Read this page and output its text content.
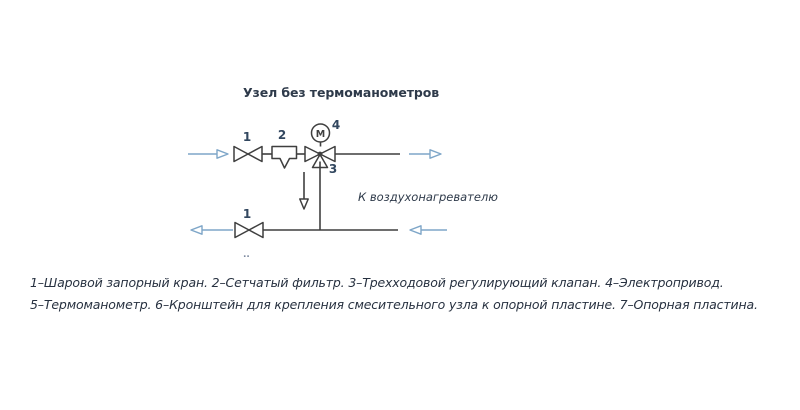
Узел без термоманометров
М
1 2
4
3
1
К воздухонагревателю
..
1–Шаровой запорный кран. 2–Сетчатый фильтр. 3–Трехходовой регулирующий клапан. 4–Электропривод.
5–Термоманометр. 6–Кронштейн для крепления смесительного узла к опорной пластине. 7–Опорная пластина.
